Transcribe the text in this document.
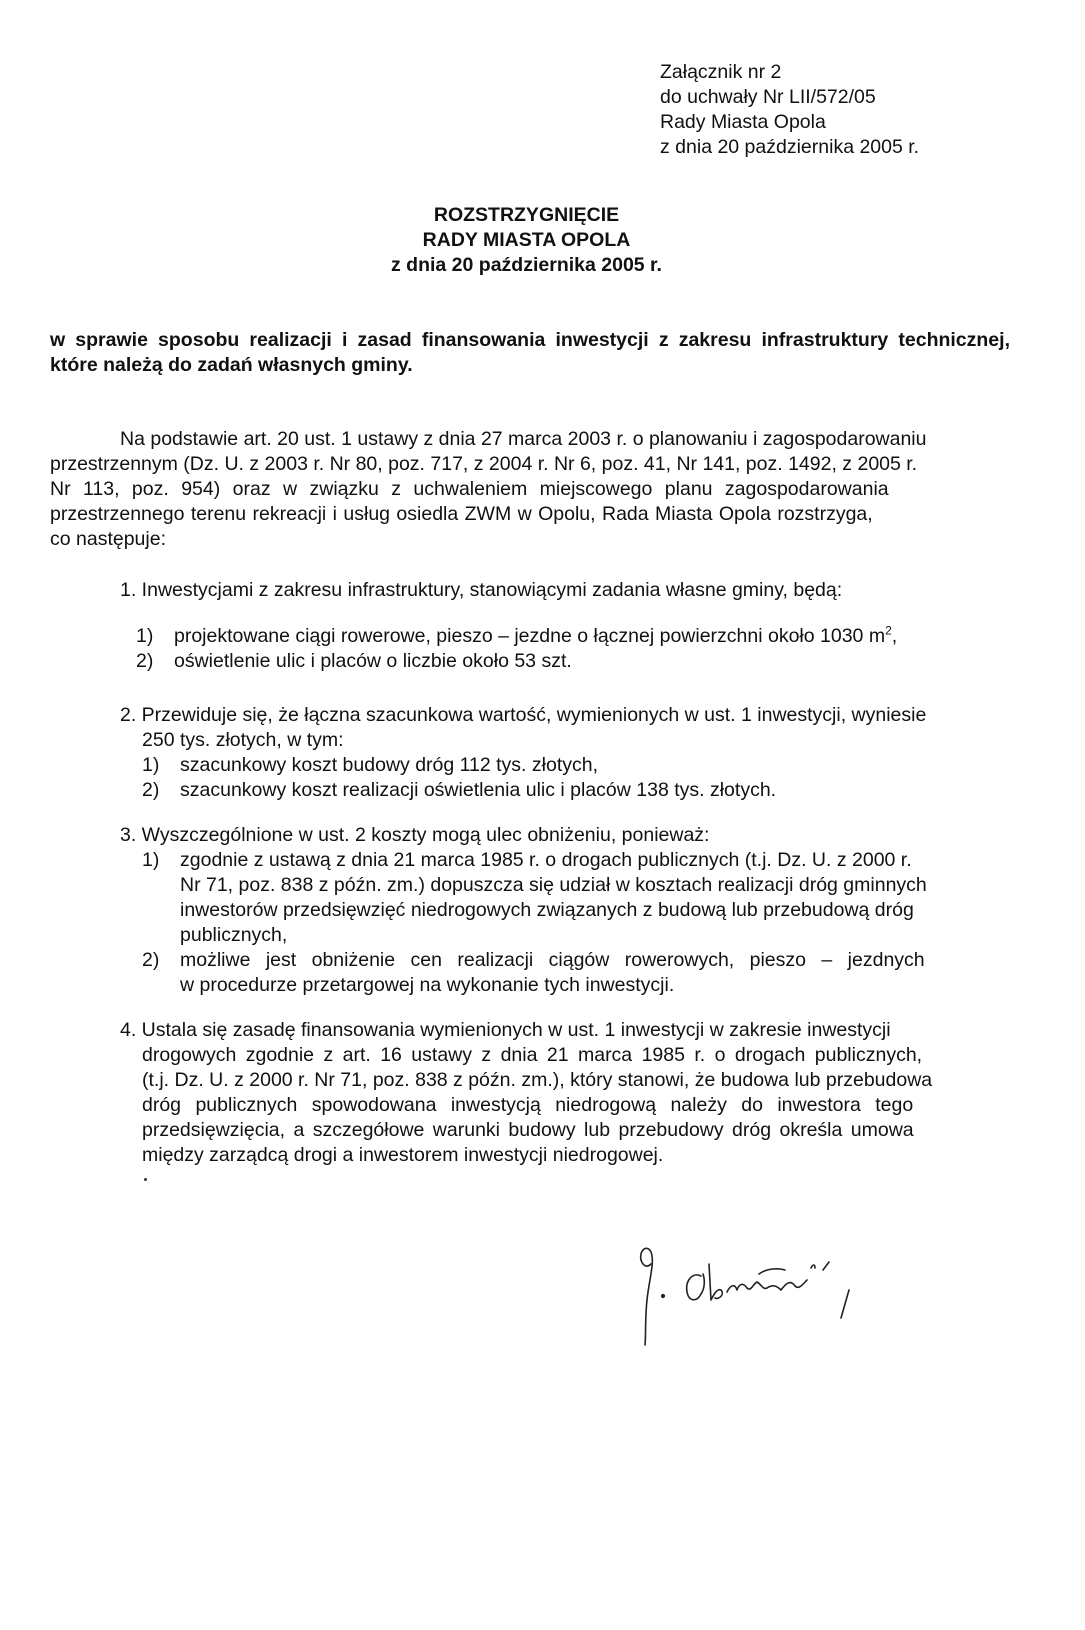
Załącznik nr 2
do uchwały Nr LII/572/05
Rady Miasta Opola
z dnia 20 października 2005 r.
ROZSTRZYGNIĘCIE
RADY MIASTA OPOLA
z dnia 20 października 2005 r.
w sprawie sposobu realizacji i zasad finansowania inwestycji z zakresu infrastruktury technicznej, które należą do zadań własnych gminy.
Na podstawie art. 20 ust. 1 ustawy z dnia 27 marca 2003 r. o planowaniu i zagospodarowaniu
przestrzennym (Dz. U. z 2003 r. Nr 80, poz. 717, z 2004 r. Nr 6, poz. 41, Nr 141, poz. 1492, z 2005 r.
Nr 113, poz. 954) oraz w związku z uchwaleniem miejscowego planu zagospodarowania
przestrzennego terenu rekreacji i usług osiedla ZWM w Opolu, Rada Miasta Opola rozstrzyga,
co następuje:
1. Inwestycjami z zakresu infrastruktury, stanowiącymi zadania własne gminy, będą:
1)	projektowane ciągi rowerowe, pieszo – jezdne o łącznej powierzchni około 1030 $m^2$,
2)	oświetlenie ulic i placów o liczbie około 53 szt.
2. Przewiduje się, że łączna szacunkowa wartość, wymienionych w ust. 1 inwestycji, wyniesie
250 tys. złotych, w tym:
1)	szacunkowy koszt budowy dróg 112 tys. złotych,
2)	szacunkowy koszt realizacji oświetlenia ulic i placów 138 tys. złotych.
3. Wyszczególnione w ust. 2 koszty mogą ulec obniżeniu, ponieważ:
1)	zgodnie z ustawą z dnia 21 marca 1985 r. o drogach publicznych (t.j. Dz. U. z 2000 r.
Nr 71, poz. 838 z późn. zm.) dopuszcza się udział w kosztach realizacji dróg gminnych
inwestorów przedsięwzięć niedrogowych związanych z budową lub przebudową dróg
publicznych,
2)	możliwe jest obniżenie cen realizacji ciągów rowerowych, pieszo – jezdnych
w procedurze przetargowej na wykonanie tych inwestycji.
4. Ustala się zasadę finansowania wymienionych w ust. 1 inwestycji w zakresie inwestycji
drogowych zgodnie z art. 16 ustawy z dnia 21 marca 1985 r. o drogach publicznych,
(t.j. Dz. U. z 2000 r. Nr 71, poz. 838 z późn. zm.), który stanowi, że budowa lub przebudowa
dróg publicznych spowodowana inwestycją niedrogową należy do inwestora tego
przedsięwzięcia, a szczegółowe warunki budowy lub przebudowy dróg określa umowa
między zarządcą drogi a inwestorem inwestycji niedrogowej.
